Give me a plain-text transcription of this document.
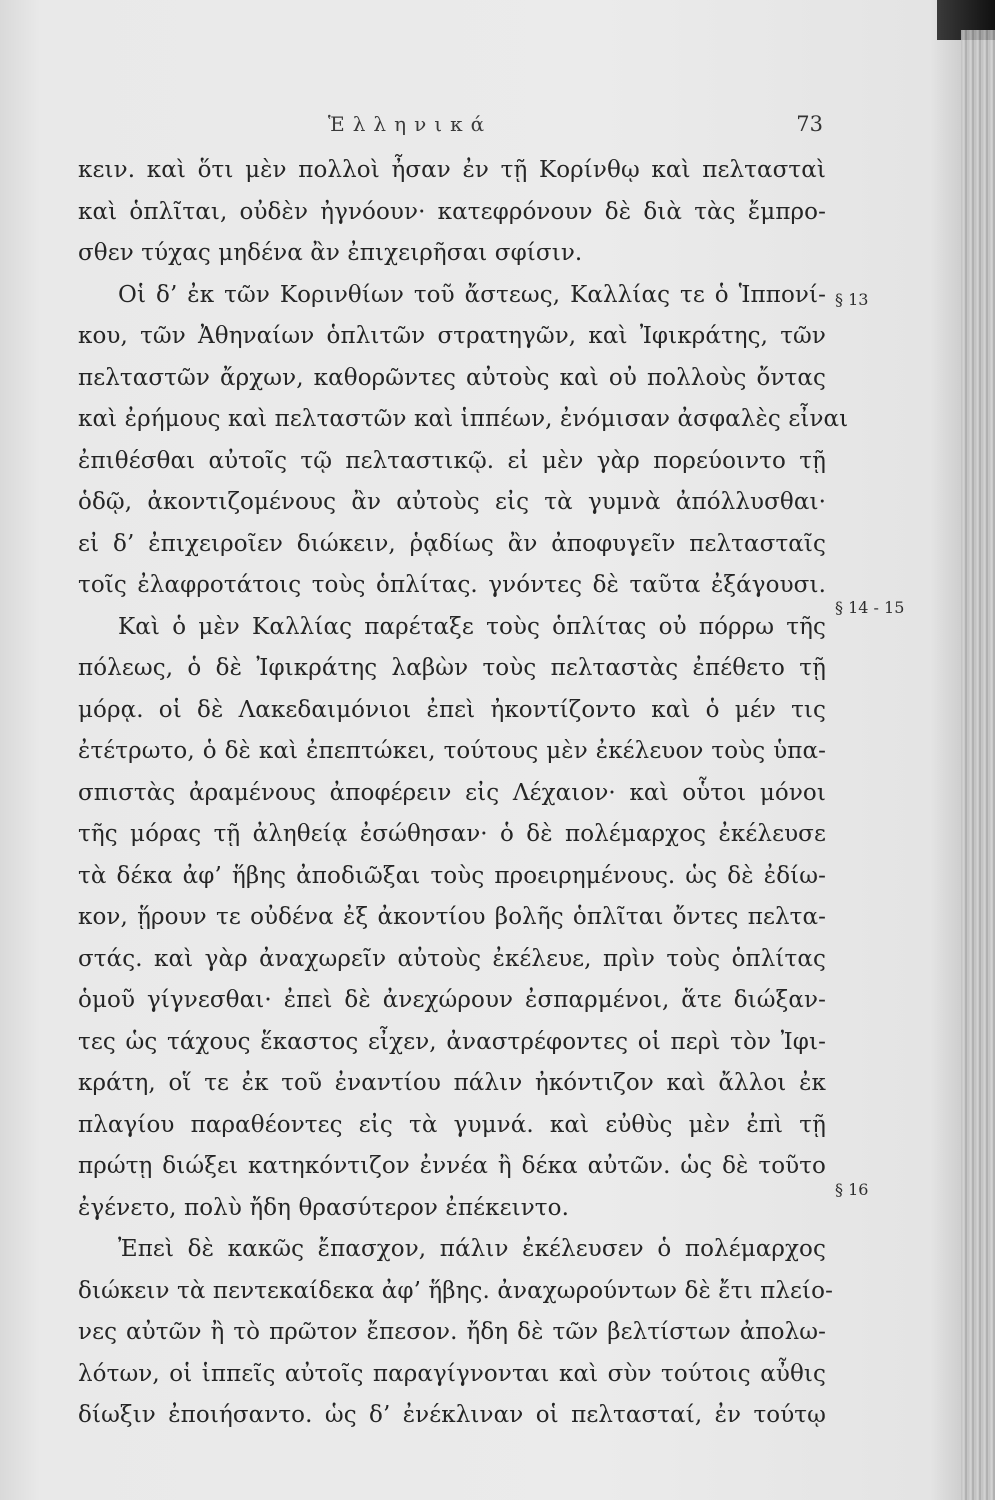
Ἑλληνικά	73
κειν. καὶ ὅτι μὲν πολλοὶ ἦσαν ἐν τῇ Κορίνθῳ καὶ πελτασταὶ
καὶ ὁπλῖται, οὐδὲν ἠγνόουν· κατεφρόνουν δὲ διὰ τὰς ἔμπρο-
σθεν τύχας μηδένα ἂν ἐπιχειρῆσαι σφίσιν.
Οἱ δ’ ἐκ τῶν Κορινθίων τοῦ ἄστεως, Καλλίας τε ὁ Ἱππονί-
κου, τῶν Ἀθηναίων ὁπλιτῶν στρατηγῶν, καὶ Ἰφικράτης, τῶν
πελταστῶν ἄρχων, καθορῶντες αὐτοὺς καὶ οὐ πολλοὺς ὄντας
καὶ ἐρήμους καὶ πελταστῶν καὶ ἱππέων, ἐνόμισαν ἀσφαλὲς εἶναι
ἐπιθέσθαι αὐτοῖς τῷ πελταστικῷ. εἰ μὲν γὰρ πορεύοιντο τῇ
ὁδῷ, ἀκοντιζομένους ἂν αὐτοὺς εἰς τὰ γυμνὰ ἀπόλλυσθαι·
εἰ δ’ ἐπιχειροῖεν διώκειν, ῥᾳδίως ἂν ἀποφυγεῖν πελτασταῖς
τοῖς ἐλαφροτάτοις τοὺς ὁπλίτας. γνόντες δὲ ταῦτα ἐξάγουσι.
Καὶ ὁ μὲν Καλλίας παρέταξε τοὺς ὁπλίτας οὐ πόρρω τῆς
πόλεως, ὁ δὲ Ἰφικράτης λαβὼν τοὺς πελταστὰς ἐπέθετο τῇ
μόρᾳ. οἱ δὲ Λακεδαιμόνιοι ἐπεὶ ἠκοντίζοντο καὶ ὁ μέν τις
ἐτέτρωτο, ὁ δὲ καὶ ἐπεπτώκει, τούτους μὲν ἐκέλευον τοὺς ὑπα-
σπιστὰς ἀραμένους ἀποφέρειν εἰς Λέχαιον· καὶ οὗτοι μόνοι
τῆς μόρας τῇ ἀληθείᾳ ἐσώθησαν· ὁ δὲ πολέμαρχος ἐκέλευσε
τὰ δέκα ἀφ’ ἥβης ἀποδιῶξαι τοὺς προειρημένους. ὡς δὲ ἐδίω-
κον, ᾕρουν τε οὐδένα ἐξ ἀκοντίου βολῆς ὁπλῖται ὄντες πελτα-
στάς. καὶ γὰρ ἀναχωρεῖν αὐτοὺς ἐκέλευε, πρὶν τοὺς ὁπλίτας
ὁμοῦ γίγνεσθαι· ἐπεὶ δὲ ἀνεχώρουν ἐσπαρμένοι, ἅτε διώξαν-
τες ὡς τάχους ἕκαστος εἶχεν, ἀναστρέφοντες οἱ περὶ τὸν Ἰφι-
κράτη, οἵ τε ἐκ τοῦ ἐναντίου πάλιν ἠκόντιζον καὶ ἄλλοι ἐκ
πλαγίου παραθέοντες εἰς τὰ γυμνά. καὶ εὐθὺς μὲν ἐπὶ τῇ
πρώτῃ διώξει κατηκόντιζον ἐννέα ἢ δέκα αὐτῶν. ὡς δὲ τοῦτο
ἐγένετο, πολὺ ἤδη θρασύτερον ἐπέκειντο.
Ἐπεὶ δὲ κακῶς ἔπασχον, πάλιν ἐκέλευσεν ὁ πολέμαρχος
διώκειν τὰ πεντεκαίδεκα ἀφ’ ἥβης. ἀναχωρούντων δὲ ἔτι πλείο-
νες αὐτῶν ἢ τὸ πρῶτον ἔπεσον. ἤδη δὲ τῶν βελτίστων ἀπολω-
λότων, οἱ ἱππεῖς αὐτοῖς παραγίγνονται καὶ σὺν τούτοις αὖθις
δίωξιν ἐποιήσαντο. ὡς δ’ ἐνέκλιναν οἱ πελτασταί, ἐν τούτῳ
§ 13
§ 14 - 15
§ 16
